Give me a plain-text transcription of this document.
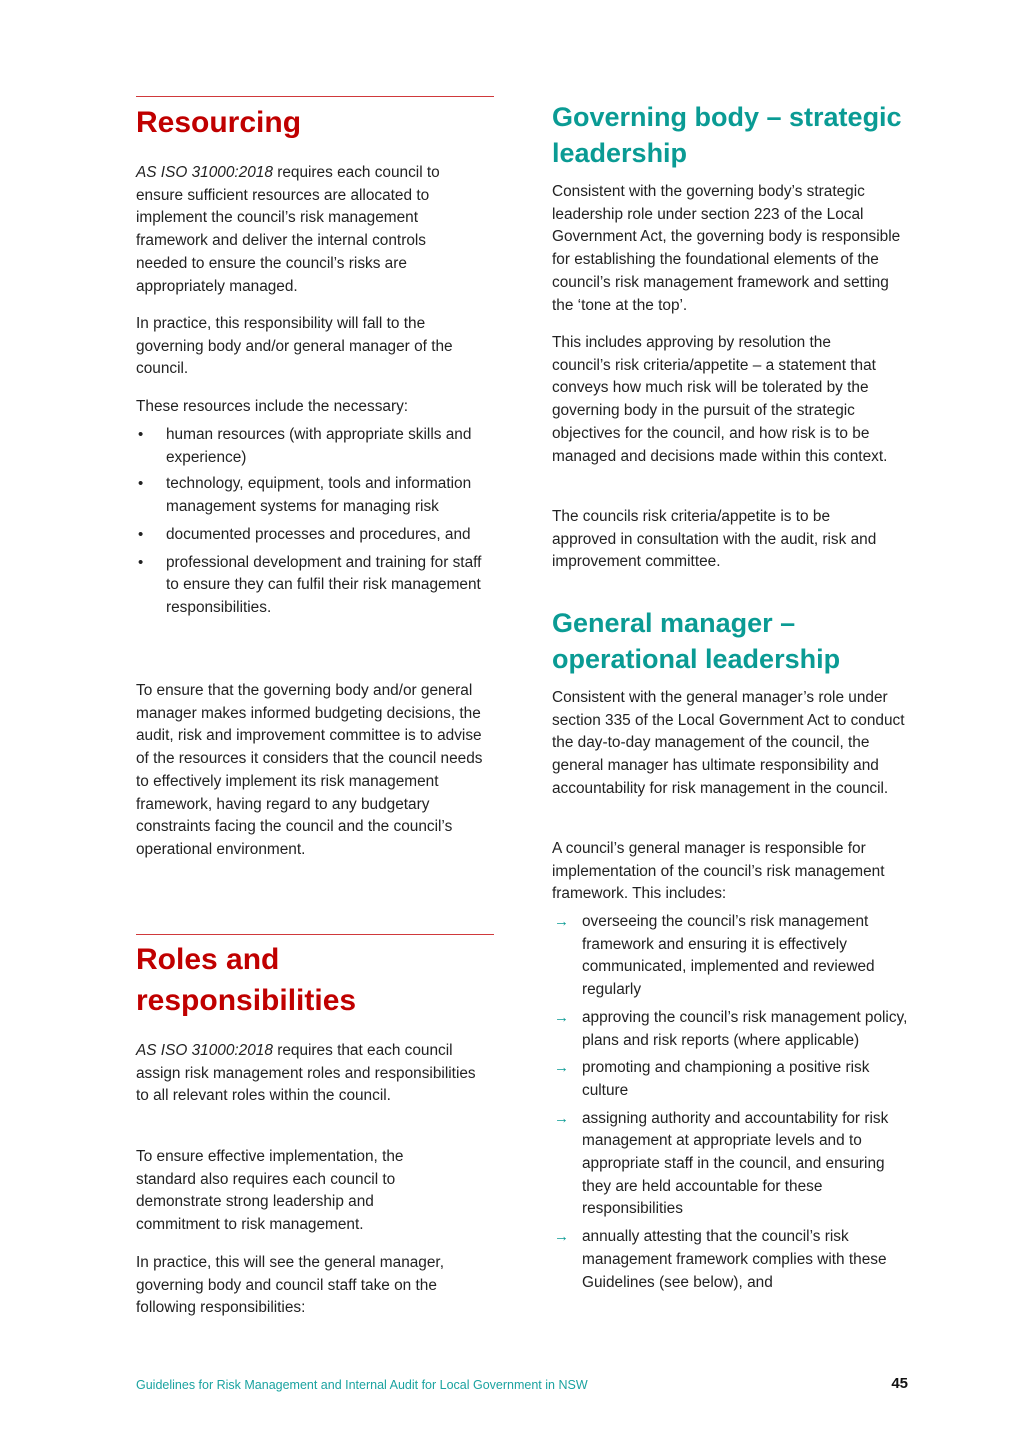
Resourcing

AS ISO 31000:2018 requires each council to ensure sufficient resources are allocated to implement the council’s risk management framework and deliver the internal controls needed to ensure the council’s risks are appropriately managed.

In practice, this responsibility will fall to the governing body and/or general manager of the council.

These resources include the necessary:

• human resources (with appropriate skills and experience)
• technology, equipment, tools and information management systems for managing risk
• documented processes and procedures, and
• professional development and training for staff to ensure they can fulfil their risk management responsibilities.

To ensure that the governing body and/or general manager makes informed budgeting decisions, the audit, risk and improvement committee is to advise of the resources it considers that the council needs to effectively implement its risk management framework, having regard to any budgetary constraints facing the council and the council’s operational environment.

Roles and
responsibilities

AS ISO 31000:2018 requires that each council assign risk management roles and responsibilities to all relevant roles within the council.

To ensure effective implementation, the standard also requires each council to demonstrate strong leadership and commitment to risk management.

In practice, this will see the general manager, governing body and council staff take on the following responsibilities:

Governing body – strategic
leadership

Consistent with the governing body’s strategic leadership role under section 223 of the Local Government Act, the governing body is responsible for establishing the foundational elements of the council’s risk management framework and setting the ‘tone at the top’.

This includes approving by resolution the council’s risk criteria/appetite – a statement that conveys how much risk will be tolerated by the governing body in the pursuit of the strategic objectives for the council, and how risk is to be managed and decisions made within this context.

The councils risk criteria/appetite is to be approved in consultation with the audit, risk and improvement committee.

General manager –
operational leadership

Consistent with the general manager’s role under section 335 of the Local Government Act to conduct the day-to-day management of the council, the general manager has ultimate responsibility and accountability for risk management in the council.

A council’s general manager is responsible for implementation of the council’s risk management framework. This includes:

→ overseeing the council’s risk management framework and ensuring it is effectively communicated, implemented and reviewed regularly
→ approving the council’s risk management policy, plans and risk reports (where applicable)
→ promoting and championing a positive risk culture
→ assigning authority and accountability for risk management at appropriate levels and to appropriate staff in the council, and ensuring they are held accountable for these responsibilities
→ annually attesting that the council’s risk management framework complies with these Guidelines (see below), and
Guidelines for Risk Management and Internal Audit for Local Government in NSW	45
